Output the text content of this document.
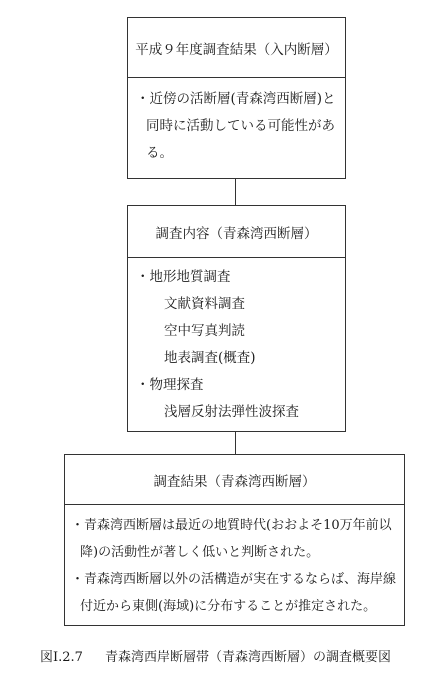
平成９年度調査結果（入内断層）
・近傍の活断層(青森湾西断層)と
同時に活動している可能性があ
る。
調査内容（青森湾西断層）
・地形地質調査
文献資料調査
空中写真判読
地表調査(概査)
・物理探査
浅層反射法弾性波探査
調査結果（青森湾西断層）
・青森湾西断層は最近の地質時代(おおよそ10万年前以
降)の活動性が著しく低いと判断された。
・青森湾西断層以外の活構造が実在するならば、海岸線
付近から東側(海域)に分布することが推定された。
図Ⅰ.2.7 青森湾西岸断層帯（青森湾西断層）の調査概要図
